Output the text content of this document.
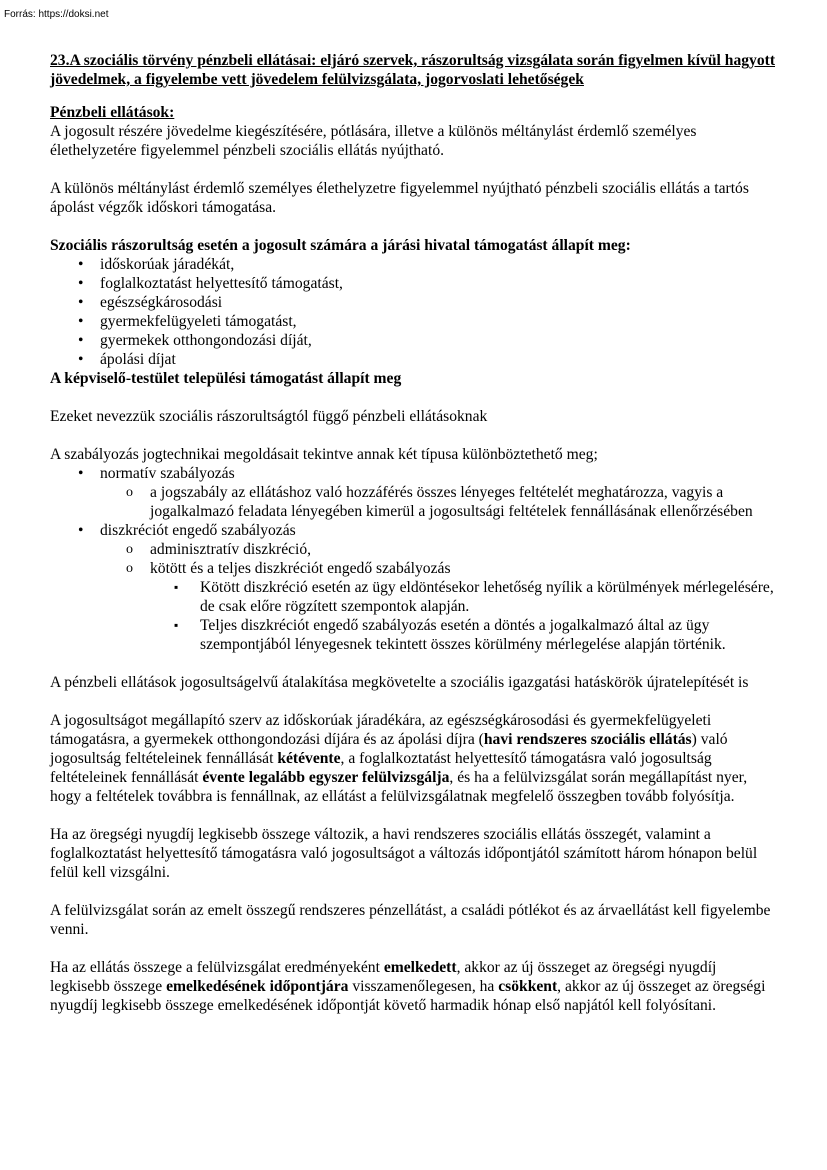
Forrás: https://doksi.net

23.A szociális törvény pénzbeli ellátásai: eljáró szervek, rászorultság vizsgálata során figyelmen kívül hagyott jövedelmek, a figyelembe vett jövedelem felülvizsgálata, jogorvoslati lehetőségek

Pénzbeli ellátások:

A jogosult részére jövedelme kiegészítésére, pótlására, illetve a különös méltánylást érdemlő személyes élethelyzetére figyelemmel pénzbeli szociális ellátás nyújtható.

A különös méltánylást érdemlő személyes élethelyzetre figyelemmel nyújtható pénzbeli szociális ellátás a tartós ápolást végzők időskori támogatása.

Szociális rászorultság esetén a jogosult számára a járási hivatal támogatást állapít meg:

• időskorúak járadékát,
• foglalkoztatást helyettesítő támogatást,
• egészségkárosodási
• gyermekfelügyeleti támogatást,
• gyermekek otthongondozási díját,
• ápolási díjat

A képviselő-testület települési támogatást állapít meg

Ezeket nevezzük szociális rászorultságtól függő pénzbeli ellátásoknak

A szabályozás jogtechnikai megoldásait tekintve annak két típusa különböztethető meg;

• normatív szabályozás
o a jogszabály az ellátáshoz való hozzáférés összes lényeges feltételét meghatározza, vagyis a jogalkalmazó feladata lényegében kimerül a jogosultsági feltételek fennállásának ellenőrzésében
• diszkréciót engedő szabályozás
o adminisztratív diszkréció,
o kötött és a teljes diszkréciót engedő szabályozás
▪ Kötött diszkréció esetén az ügy eldöntésekor lehetőség nyílik a körülmények mérlegelésére, de csak előre rögzített szempontok alapján.
▪ Teljes diszkréciót engedő szabályozás esetén a döntés a jogalkalmazó által az ügy szempontjából lényegesnek tekintett összes körülmény mérlegelése alapján történik.

A pénzbeli ellátások jogosultságelvű átalakítása megkövetelte a szociális igazgatási hatáskörök újratelepítését is

A jogosultságot megállapító szerv az időskorúak járadékára, az egészségkárosodási és gyermekfelügyeleti támogatásra, a gyermekek otthongondozási díjára és az ápolási díjra (havi rendszeres szociális ellátás) való jogosultság feltételeinek fennállását kétévente, a foglalkoztatást helyettesítő támogatásra való jogosultság feltételeinek fennállását évente legalább egyszer felülvizsgálja, és ha a felülvizsgálat során megállapítást nyer, hogy a feltételek továbbra is fennállnak, az ellátást a felülvizsgálatnak megfelelő összegben tovább folyósítja.

Ha az öregségi nyugdíj legkisebb összege változik, a havi rendszeres szociális ellátás összegét, valamint a foglalkoztatást helyettesítő támogatásra való jogosultságot a változás időpontjától számított három hónapon belül felül kell vizsgálni.

A felülvizsgálat során az emelt összegű rendszeres pénzellátást, a családi pótlékot és az árvaellátást kell figyelembe venni.

Ha az ellátás összege a felülvizsgálat eredményeként emelkedett, akkor az új összeget az öregségi nyugdíj legkisebb összege emelkedésének időpontjára visszamenőlegesen, ha csökkent, akkor az új összeget az öregségi nyugdíj legkisebb összege emelkedésének időpontját követő harmadik hónap első napjától kell folyósítani.
